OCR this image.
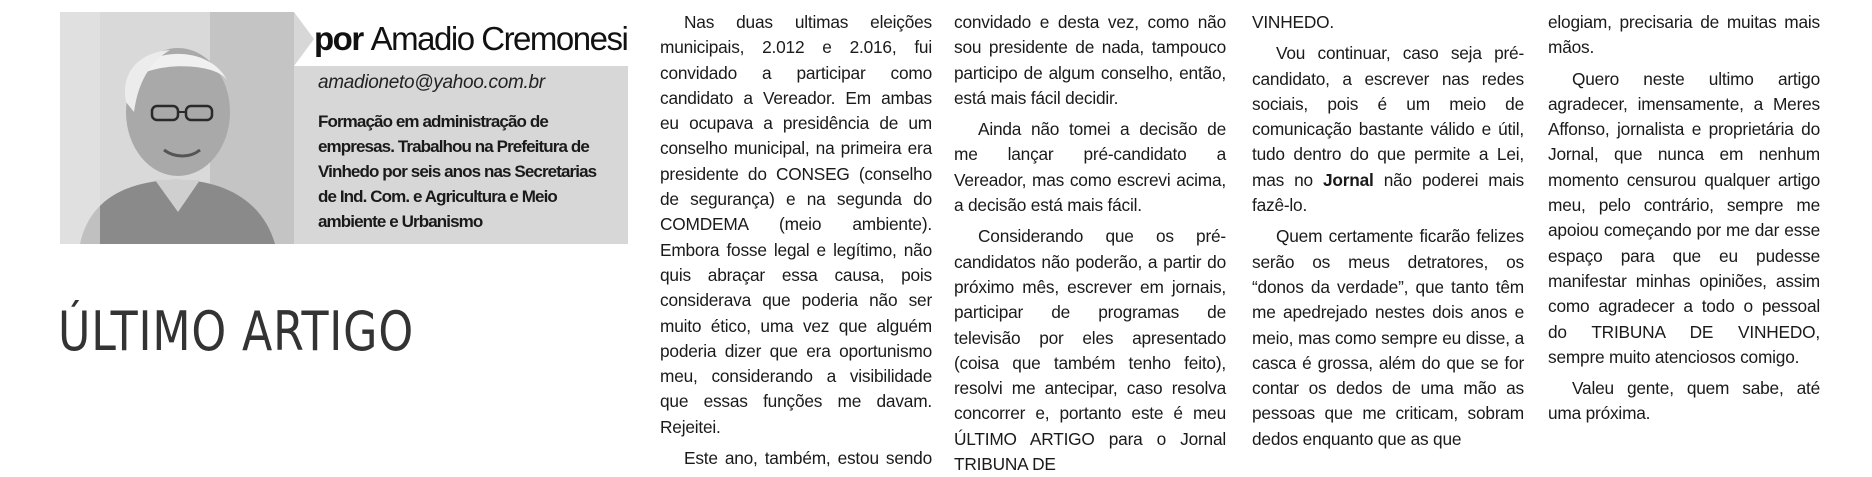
por Amadio Cremonesi
amadioneto@yahoo.com.br
Formação em administração de empresas. Trabalhou na Prefeitura de Vinhedo por seis anos nas Secretarias de Ind. Com. e Agricultura e Meio ambiente e Urbanismo
ÚLTIMO ARTIGO

Nas duas ultimas eleições municipais, 2.012 e 2.016, fui convidado a participar como candidato a Vereador. Em ambas eu ocupava a presidência de um conselho municipal, na primeira era presidente do CONSEG (conselho de segurança) e na segunda do COMDEMA (meio ambiente). Embora fosse legal e legítimo, não quis abraçar essa causa, pois considerava que poderia não ser muito ético, uma vez que alguém poderia dizer que era oportunismo meu, considerando a visibilidade que essas funções me davam. Rejeitei.

Este ano, também, estou sendo

convidado e desta vez, como não sou presidente de nada, tampouco participo de algum conselho, então, está mais fácil decidir.

Ainda não tomei a decisão de me lançar pré-candidato a Vereador, mas como escrevi acima, a decisão está mais fácil.

Considerando que os pré-candidatos não poderão, a partir do próximo mês, escrever em jornais, participar de programas de televisão por eles apresentado (coisa que também tenho feito), resolvi me antecipar, caso resolva concorrer e, portanto este é meu ÚLTIMO ARTIGO para o Jornal TRIBUNA DE

VINHEDO.

Vou continuar, caso seja pré-candidato, a escrever nas redes sociais, pois é um meio de comunicação bastante válido e útil, tudo dentro do que permite a Lei, mas no Jornal não poderei mais fazê-lo.

Quem certamente ficarão felizes serão os meus detratores, os “donos da verdade”, que tanto têm me apedrejado nestes dois anos e meio, mas como sempre eu disse, a casca é grossa, além do que se for contar os dedos de uma mão as pessoas que me criticam, sobram dedos enquanto que as que

elogiam, precisaria de muitas mais mãos.

Quero neste ultimo artigo agradecer, imensamente, a Meres Affonso, jornalista e proprietária do Jornal, que nunca em nenhum momento censurou qualquer artigo meu, pelo contrário, sempre me apoiou começando por me dar esse espaço para que eu pudesse manifestar minhas opiniões, assim como agradecer a todo o pessoal do TRIBUNA DE VINHEDO, sempre muito atenciosos comigo.

Valeu gente, quem sabe, até uma próxima.
